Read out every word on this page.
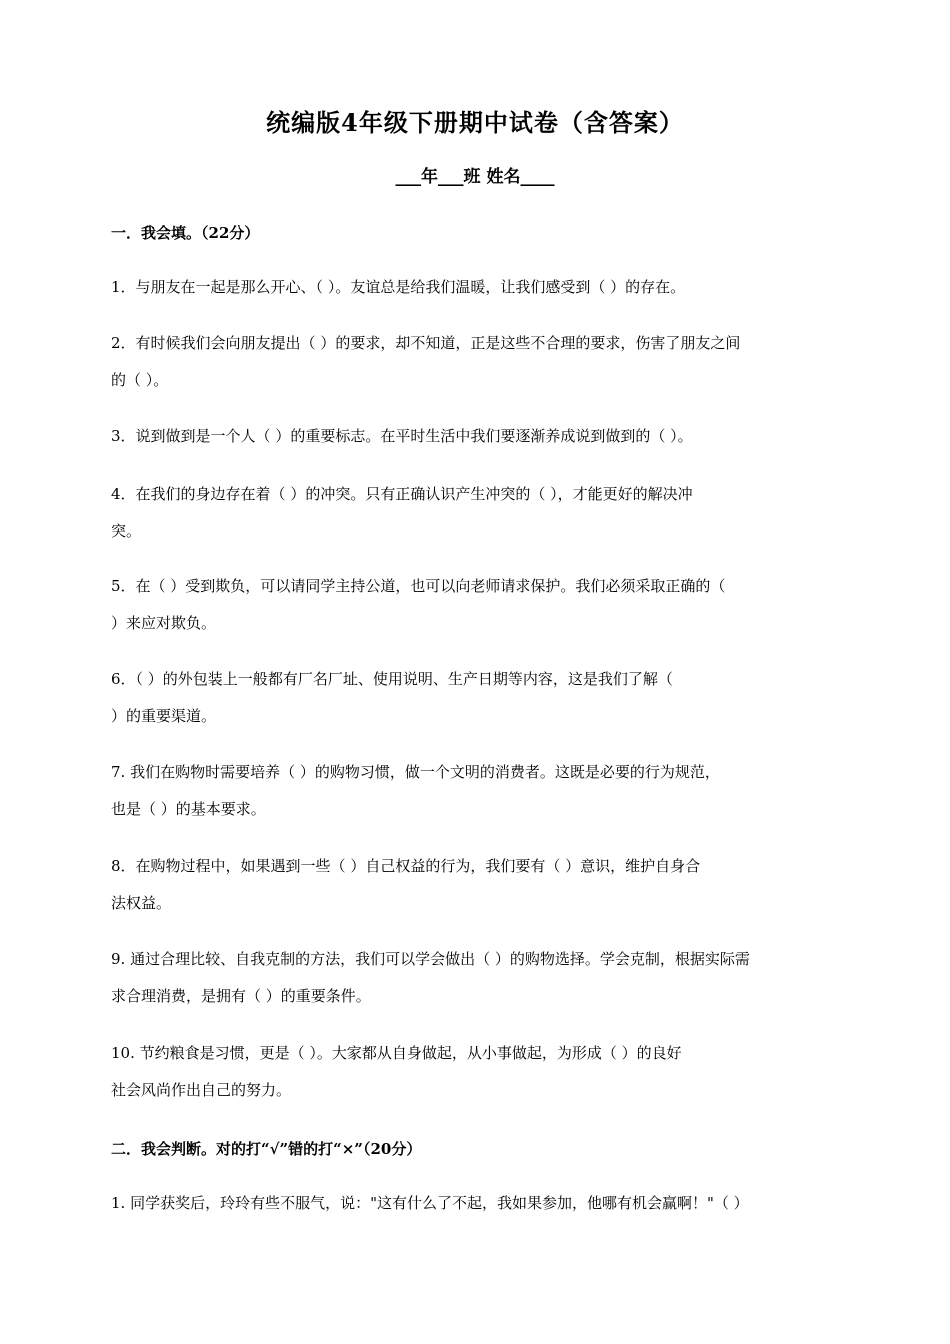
统编版4年级下册期中试卷（含答案）
___年___班 姓名____
一．我会填。（22分）
1．与朋友在一起是那么开心、（ ）。友谊总是给我们温暖，让我们感受到（ ）的存在。
2．有时候我们会向朋友提出（ ）的要求，却不知道，正是这些不合理的要求，伤害了朋友之间
的（ ）。
3．说到做到是一个人（ ）的重要标志。在平时生活中我们要逐渐养成说到做到的（ ）。
4．在我们的身边存在着（ ）的冲突。只有正确认识产生冲突的（ ），才能更好的解决冲
突。
5．在（ ）受到欺负，可以请同学主持公道，也可以向老师请求保护。我们必须采取正确的（
）来应对欺负。
6．（ ）的外包装上一般都有厂名厂址、使用说明、生产日期等内容，这是我们了解（
）的重要渠道。
7. 我们在购物时需要培养（ ）的购物习惯，做一个文明的消费者。这既是必要的行为规范，
也是（ ）的基本要求。
8．在购物过程中，如果遇到一些（ ）自己权益的行为，我们要有（ ）意识，维护自身合
法权益。
9. 通过合理比较、自我克制的方法，我们可以学会做出（ ）的购物选择。学会克制，根据实际需
求合理消费，是拥有（ ）的重要条件。
10. 节约粮食是习惯，更是（ ）。大家都从自身做起，从小事做起，为形成（ ）的良好
社会风尚作出自己的努力。
二．我会判断。对的打“√”错的打“×”（20分）
1. 同学获奖后，玲玲有些不服气，说："这有什么了不起，我如果参加，他哪有机会赢啊！"（ ）
